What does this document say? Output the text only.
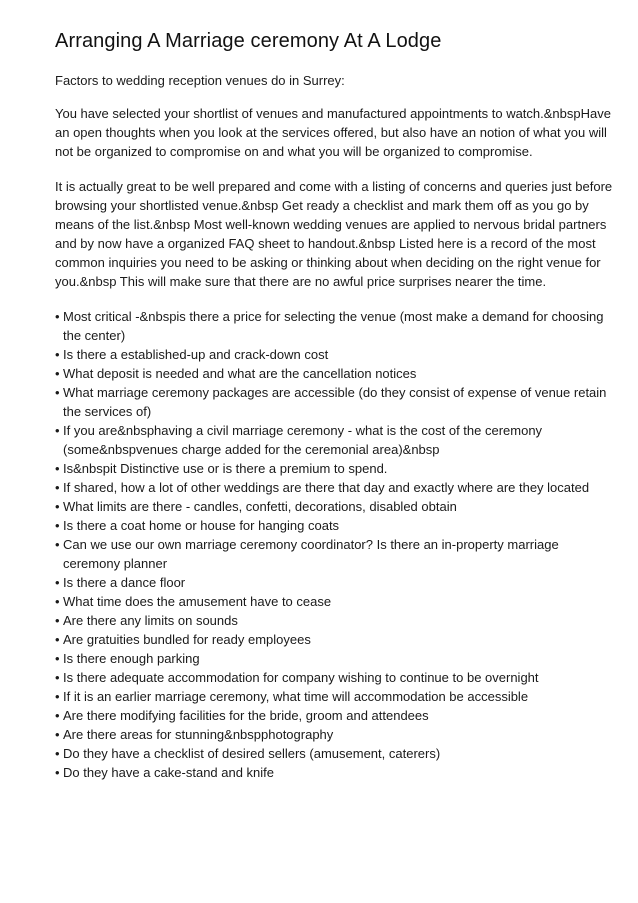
Arranging A Marriage ceremony At A Lodge

Factors to wedding reception venues do in Surrey:

You have selected your shortlist of venues and manufactured appointments to watch.&nbspHave an open thoughts when you look at the services offered, but also have an notion of what you will not be organized to compromise on and what you will be organized to compromise.

It is actually great to be well prepared and come with a listing of concerns and queries just before browsing your shortlisted venue.&nbsp Get ready a checklist and mark them off as you go by means of the list.&nbsp Most well-known wedding venues are applied to nervous bridal partners and by now have a organized FAQ sheet to handout.&nbsp Listed here is a record of the most common inquiries you need to be asking or thinking about when deciding on the right venue for you.&nbsp This will make sure that there are no awful price surprises nearer the time.

• Most critical -&nbspis there a price for selecting the venue (most make a demand for choosing the center)
• Is there a established-up and crack-down cost
• What deposit is needed and what are the cancellation notices
• What marriage ceremony packages are accessible (do they consist of expense of venue retain the services of)
• If you are&nbsphaving a civil marriage ceremony - what is the cost of the ceremony (some&nbspvenues charge added for the ceremonial area)&nbsp
• Is&nbspit Distinctive use or is there a premium to spend.
• If shared, how a lot of other weddings are there that day and exactly where are they located
• What limits are there - candles, confetti, decorations, disabled obtain
• Is there a coat home or house for hanging coats
• Can we use our own marriage ceremony coordinator? Is there an in-property marriage ceremony planner
• Is there a dance floor
• What time does the amusement have to cease
• Are there any limits on sounds
• Are gratuities bundled for ready employees
• Is there enough parking
• Is there adequate accommodation for company wishing to continue to be overnight
• If it is an earlier marriage ceremony, what time will accommodation be accessible
• Are there modifying facilities for the bride, groom and attendees
• Are there areas for stunning&nbspphotography
• Do they have a checklist of desired sellers (amusement, caterers)
• Do they have a cake-stand and knife
